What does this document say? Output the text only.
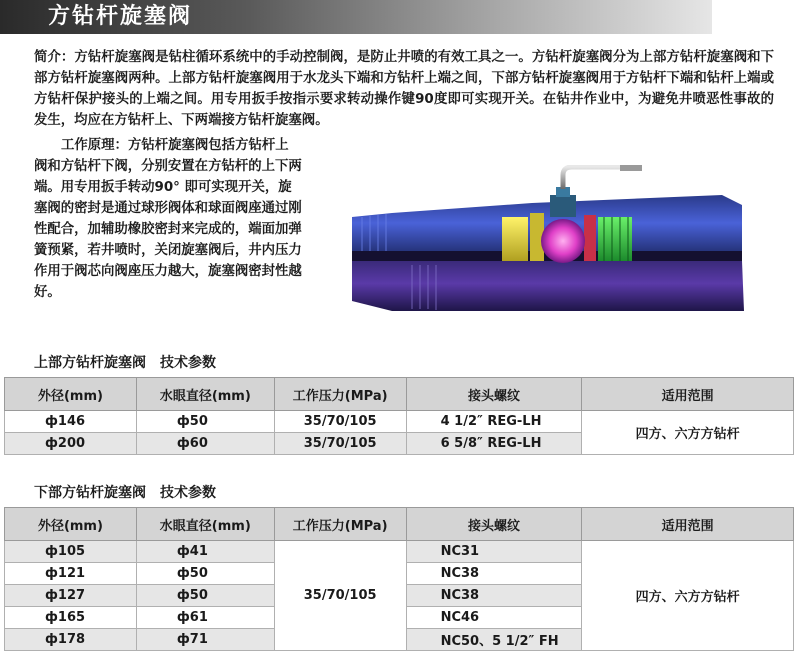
方钻杆旋塞阀

简介：方钻杆旋塞阀是钻柱循环系统中的手动控制阀，是防止井喷的有效工具之一。方钻杆旋塞阀分为上部方钻杆旋塞阀和下部方钻杆旋塞阀两种。上部方钻杆旋塞阀用于水龙头下端和方钻杆上端之间，下部方钻杆旋塞阀用于方钻杆下端和钻杆上端或方钻杆保护接头的上端之间。用专用扳手按指示要求转动操作键90度即可实现开关。在钻井作业中，为避免井喷恶性事故的发生，均应在方钻杆上、下两端接方钻杆旋塞阀。

工作原理：方钻杆旋塞阀包括方钻杆上阀和方钻杆下阀，分别安置在方钻杆的上下两端。用专用扳手转动90° 即可实现开关，旋塞阀的密封是通过球形阀体和球面阀座通过刚性配合，加辅助橡胶密封来完成的，端面加弹簧预紧，若井喷时，关闭旋塞阀后，井内压力作用于阀芯向阀座压力越大，旋塞阀密封性越好。

上部方钻杆旋塞阀　技术参数
外径(mm)	水眼直径(mm)	工作压力(MPa)	接头螺纹	适用范围
ф146	ф50	35/70/105	4 1/2″ REG-LH	四方、六方方钻杆
ф200	ф60	35/70/105	6 5/8″ REG-LH	
下部方钻杆旋塞阀　技术参数
外径(mm)	水眼直径(mm)	工作压力(MPa)	接头螺纹	适用范围
ф105	ф41	35/70/105	NC31	四方、六方方钻杆
ф121	ф50		NC38	
ф127	ф50		NC38	
ф165	ф61		NC46	
ф178	ф71		NC50、5 1/2″ FH	
